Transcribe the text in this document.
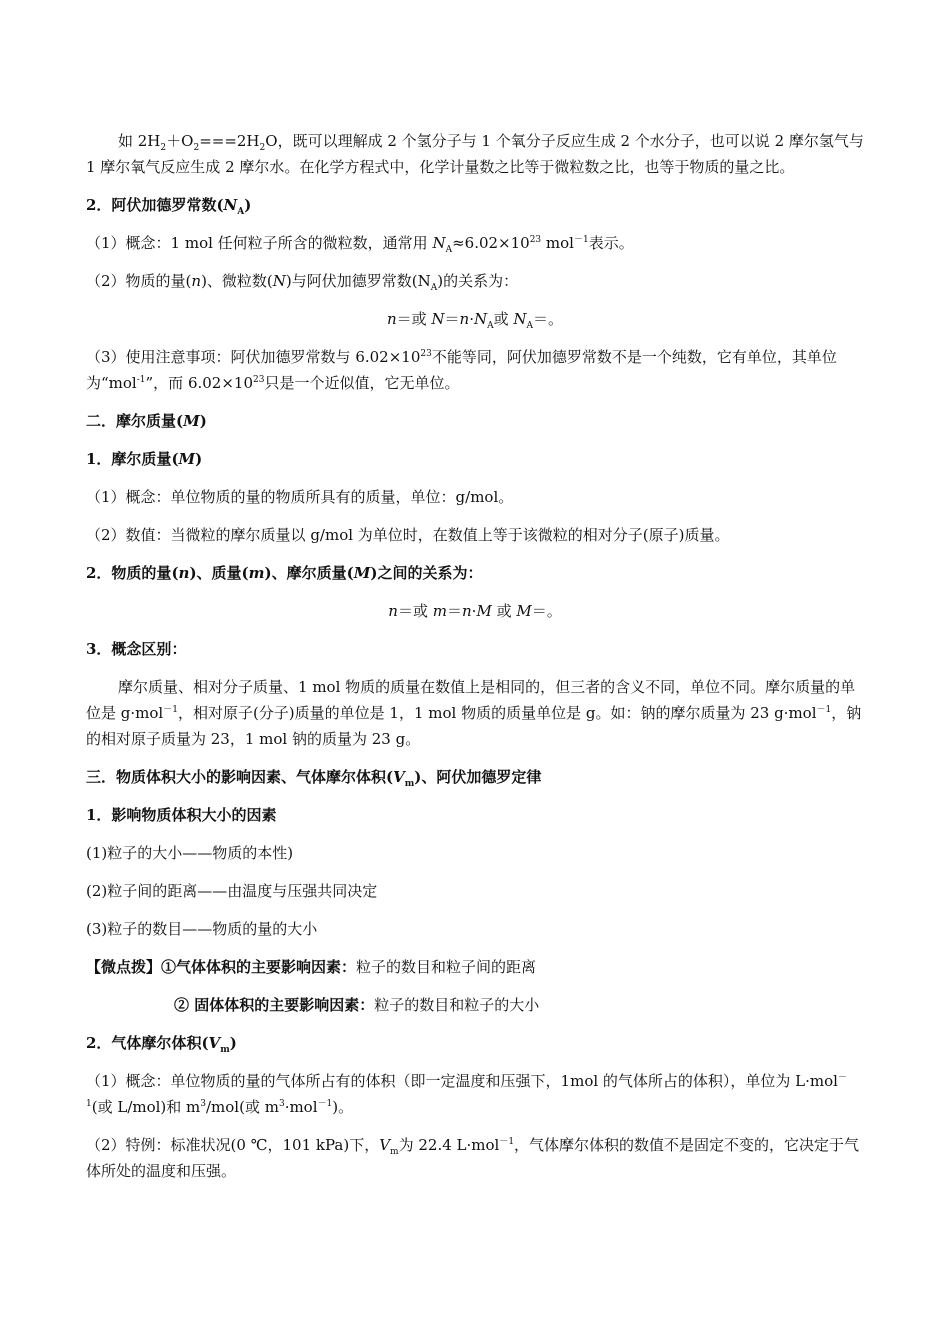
如 $2H_2+O_2===2H_2O$，既可以理解成 2 个氢分子与 1 个氧分子反应生成 2 个水分子，也可以说 2 摩尔氢气与 1 摩尔氧气反应生成 2 摩尔水。在化学方程式中，化学计量数之比等于微粒数之比，也等于物质的量之比。

2．阿伏加德罗常数$(N_A)$

（1）概念：1 mol 任何粒子所含的微粒数，通常用 $N_A\approx 6.02\times 10^{23}$ mol$^{-1}$表示。

（2）物质的量(n)、微粒数(N)与阿伏加德罗常数$(N_A)$的关系为：

n＝或 $N=n\cdot N_A$或 $N_A=$。

（3）使用注意事项：阿伏加德罗常数与 $6.02\times 10^{23}$不能等同，阿伏加德罗常数不是一个纯数，它有单位，其单位为“mol$^{-1}$”，而 $6.02\times 10^{23}$只是一个近似值，它无单位。

二．摩尔质量(M)

1．摩尔质量(M)

（1）概念：单位物质的量的物质所具有的质量，单位：g/mol。

（2）数值：当微粒的摩尔质量以 g/mol 为单位时，在数值上等于该微粒的相对分子(原子)质量。

2．物质的量(n)、质量(m)、摩尔质量(M)之间的关系为：

n＝或 m＝n·M 或 M＝。

3．概念区别：

摩尔质量、相对分子质量、1 mol 物质的质量在数值上是相同的，但三者的含义不同，单位不同。摩尔质量的单位是 g·mol$^{-1}$，相对原子(分子)质量的单位是 1，1 mol 物质的质量单位是 g。如：钠的摩尔质量为 23 g·mol$^{-1}$，钠的相对原子质量为 23，1 mol 钠的质量为 23 g。

三．物质体积大小的影响因素、气体摩尔体积$(V_m)$、阿伏加德罗定律

1．影响物质体积大小的因素

(1)粒子的大小——物质的本性)

(2)粒子间的距离——由温度与压强共同决定

(3)粒子的数目——物质的量的大小

【微点拨】①气体体积的主要影响因素：粒子的数目和粒子间的距离

② 固体体积的主要影响因素：粒子的数目和粒子的大小

2．气体摩尔体积$(V_m)$

（1）概念：单位物质的量的气体所占有的体积（即一定温度和压强下，1mol 的气体所占的体积），单位为 L·mol$^{-1}$(或 L/mol)和 $m^3/mol$(或 $m^3\cdot mol^{-1}$)。

（2）特例：标准状况(0 ℃，101 kPa)下，$V_m$为 22.4 L·mol$^{-1}$，气体摩尔体积的数值不是固定不变的，它决定于气体所处的温度和压强。
